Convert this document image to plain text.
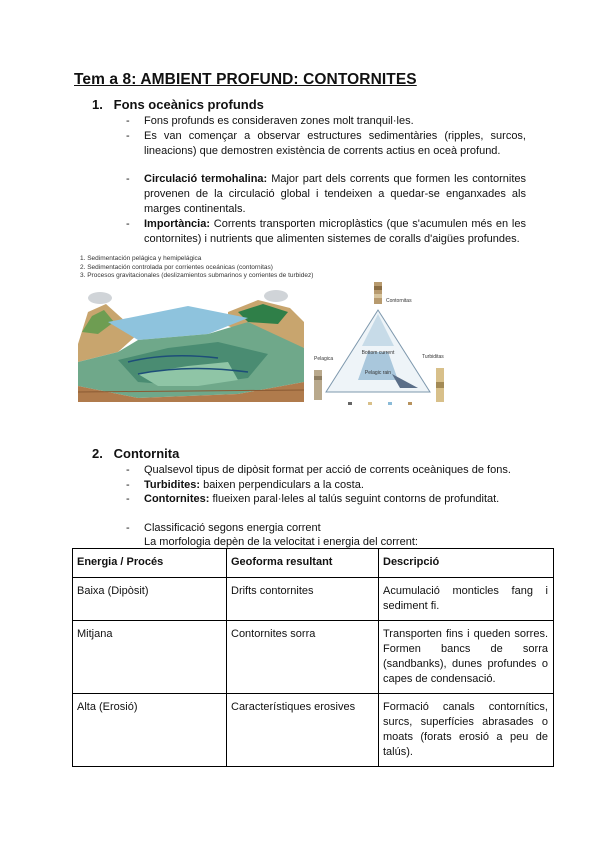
Tem a 8: AMBIENT PROFUND: CONTORNITES
1. Fons oceànics profunds
-	Fons profunds es consideraven zones molt tranquil·les.
-	Es van començar a observar estructures sedimentàries (ripples, surcos, lineacions) que demostren existència de corrents actius en oceà profund.
-	Circulació termohalina: Major part dels corrents que formen les contornites provenen de la circulació global i tendeixen a quedar-se enganxades als marges continentals.
-	Importància: Corrents transporten microplàstics (que s'acumulen més en les contornites) i nutrients que alimenten sistemes de coralls d'aigües profundes.
1. Sedimentación pelágica y hemipelágica
2. Sedimentación controlada por corrientes oceánicas (contornitas)
3. Procesos gravitacionales (deslizamientos submarinos y corrientes de turbidez)
Bottom current
Pelagic rain
Contornitas
Pelagica	Turbiditas
2. Contornita
-	Qualsevol tipus de dipòsit format per acció de corrents oceàniques de fons.
-	Turbidites: baixen perpendiculars a la costa.
-	Contornites: flueixen paral·leles al talús seguint contorns de profunditat.
-	Classificació segons energia corrent
La morfologia depèn de la velocitat i energia del corrent:
Energia / Procés	Geoforma resultant	Descripció
Baixa (Dipòsit)	Drifts contornites	Acumulació monticles fang i sediment fi.
Mitjana	Contornites sorra	Transporten fins i queden sorres. Formen bancs de sorra (sandbanks), dunes profundes o capes de condensació.
Alta (Erosió)	Característiques erosives	Formació canals contornítics, surcs, superfícies abrasades o moats (forats erosió a peu de talús).
